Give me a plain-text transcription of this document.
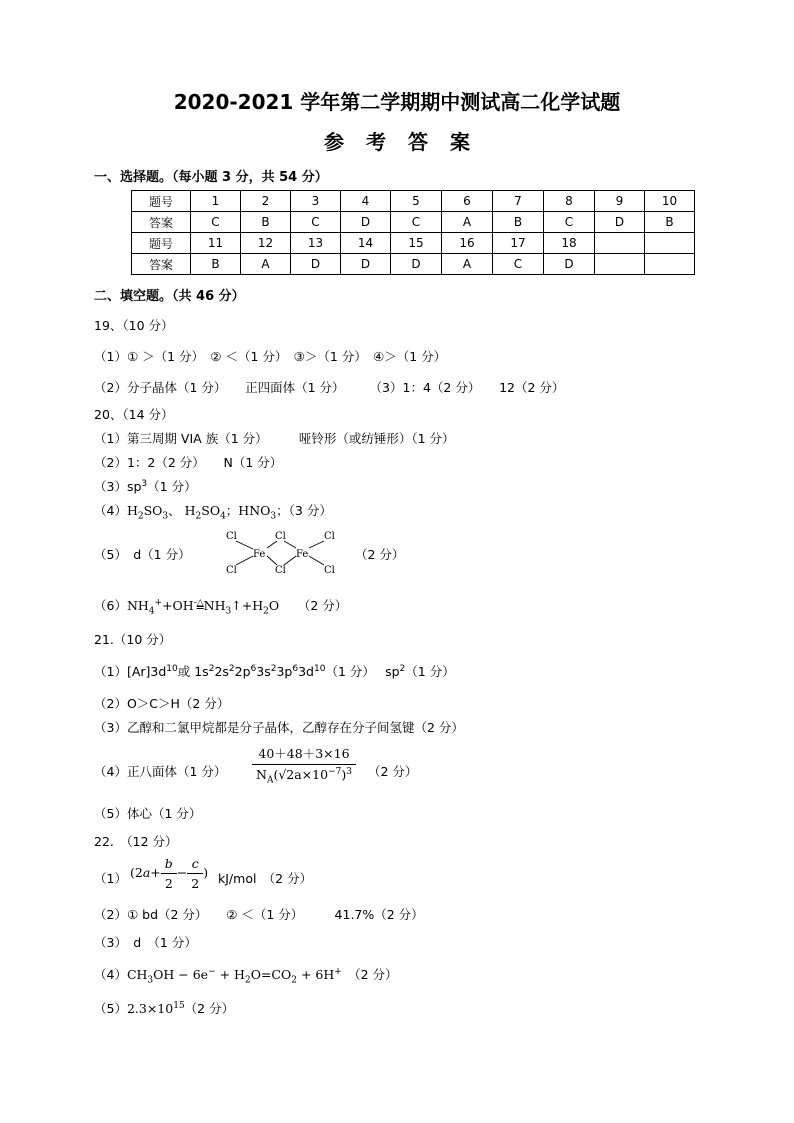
2020-2021 学年第二学期期中测试高二化学试题
参考答案
一、选择题。（每小题 3 分，共 54 分）
题号	1	2	3	4	5	6	7	8	9	10
答案	C	B	C	D	C	A	B	C	D	B
题号	11	12	13	14	15	16	17	18		
答案	B	A	D	D	D	A	C	D		
二、填空题。（共 46 分）
19、（10 分）
（1）① ＞（1 分）　② ＜（1 分）　③＞（1 分）　④＞（1 分）
（2）分子晶体（1 分）　　正四面体（1 分）　　　（3）1：4（2 分）　　12（2 分）
20、（14 分）
（1）第三周期 VIA 族（1 分）　　　哑铃形（或纺锤形）（1 分）
（2）1：2（2 分）　　N（1 分）
$(3)sp^3(1$ 分）
$(4)H_2SO_3$、 $H_2SO_4$；$HNO_3$；（3 分）
（5）　d（1 分）
Cl
Cl
Fe
Cl
Cl
Fe
Cl
Cl
（2 分）
$(6)NH_4^++OH^-\triangle NH_3↑+H_2O$　　 （2 分）
21.（10 分）
$(1)[Ar]3d^{10}$或 $1s^22s^22p^63s^23p^63d^{10}(1$ 分）　 $sp^2(1$ 分）
（2）O＞C＞H（2 分）
（3）乙醇和二氯甲烷都是分子晶体，乙醇存在分子间氢键（2 分）
（4）正八面体（1 分） $\frac{40+48+3\times 16}{N_A(√2a\times 10^{-7})^3} (2$ 分）
（5）体心（1 分）
22.　（12 分）
（1） ($2a+ \frac{b}{2} - \frac{c}{2}$ ) kJ/mol　（2 分）
（2）① bd（2 分）　　② ＜（1 分）　　　41.7%（2 分）
（3）　d　（1 分）
$(4)CH_3OH - 6e^- + H_2O=CO_2 + 6H^+$　 （2 分）
$(5)2.3\times 10^{15}(2$ 分）
